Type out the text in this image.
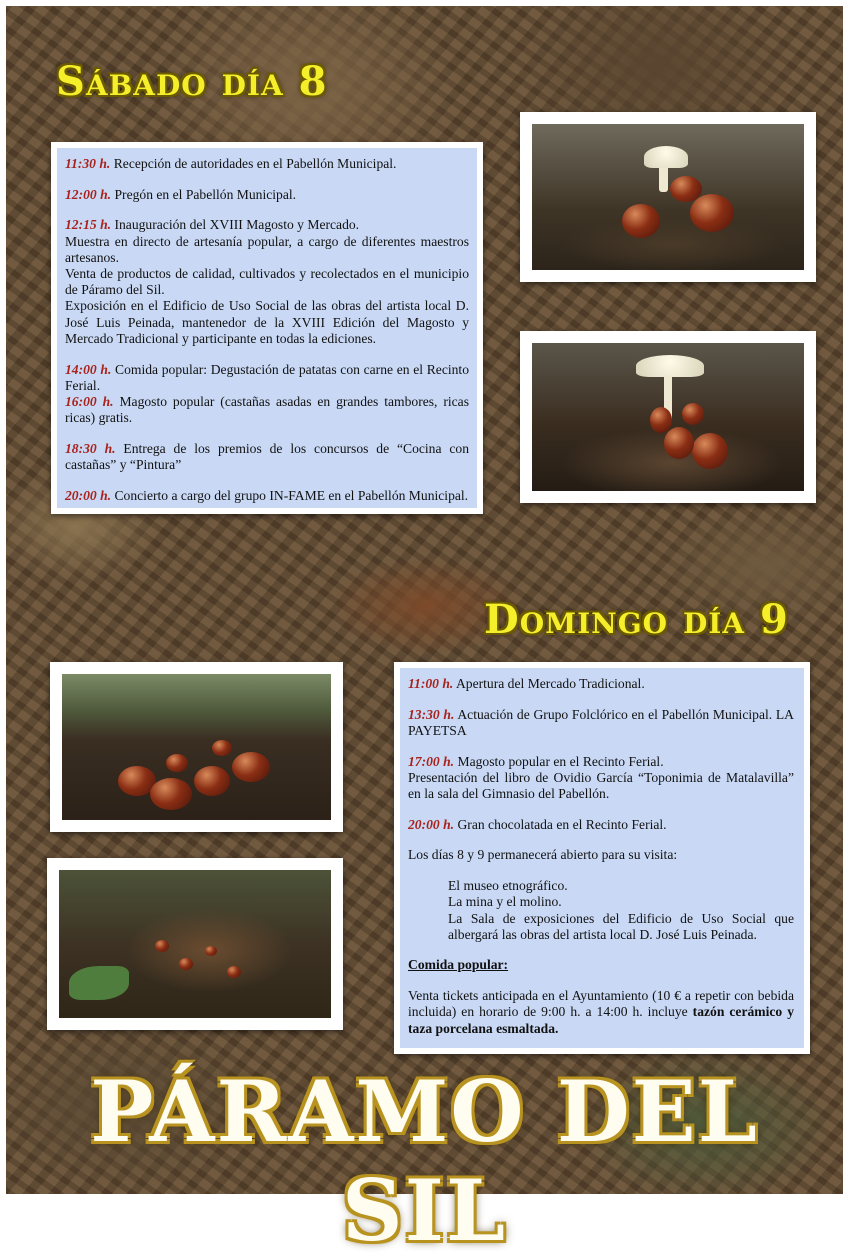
Sábado día 8

11:30 h. Recepción de autoridades en el Pabellón Municipal.

12:00 h. Pregón en el Pabellón Municipal.

12:15 h. Inauguración del XVIII Magosto y Mercado.
Muestra en directo de artesanía popular, a cargo de diferentes maestros artesanos.
Venta de productos de calidad, cultivados y recolectados en el municipio de Páramo del Sil.
Exposición en el Edificio de Uso Social de las obras del artista local D. José Luis Peinada, mantenedor de la XVIII Edición del Magosto y Mercado Tradicional y participante en todas la ediciones.

14:00 h. Comida popular: Degustación de patatas con carne en el Recinto Ferial.

16:00 h. Magosto popular (castañas asadas en grandes tambores, ricas ricas) gratis.

18:30 h. Entrega de los premios de los concursos de “Cocina con castañas” y “Pintura”

20:00 h. Concierto a cargo del grupo IN-FAME en el Pabellón Municipal.

Domingo día 9

11:00 h. Apertura del Mercado Tradicional.

13:30 h. Actuación de Grupo Folclórico en el Pabellón Municipal. LA PAYETSA

17:00 h. Magosto popular en el Recinto Ferial.
Presentación del libro de Ovidio García “Toponimia de Matalavilla” en la sala del Gimnasio del Pabellón.

20:00 h. Gran chocolatada en el Recinto Ferial.

Los días 8 y 9 permanecerá abierto para su visita:

El museo etnográfico.
La mina y el molino.
La Sala de exposiciones del Edificio de Uso Social que albergará las obras del artista local D. José Luis Peinada.

Comida popular:

Venta tickets anticipada en el Ayuntamiento (10 € a repetir con bebida incluida) en horario de 9:00 h. a 14:00 h. incluye tazón cerámico y taza porcelana esmaltada.

PÁRAMO DEL SIL
